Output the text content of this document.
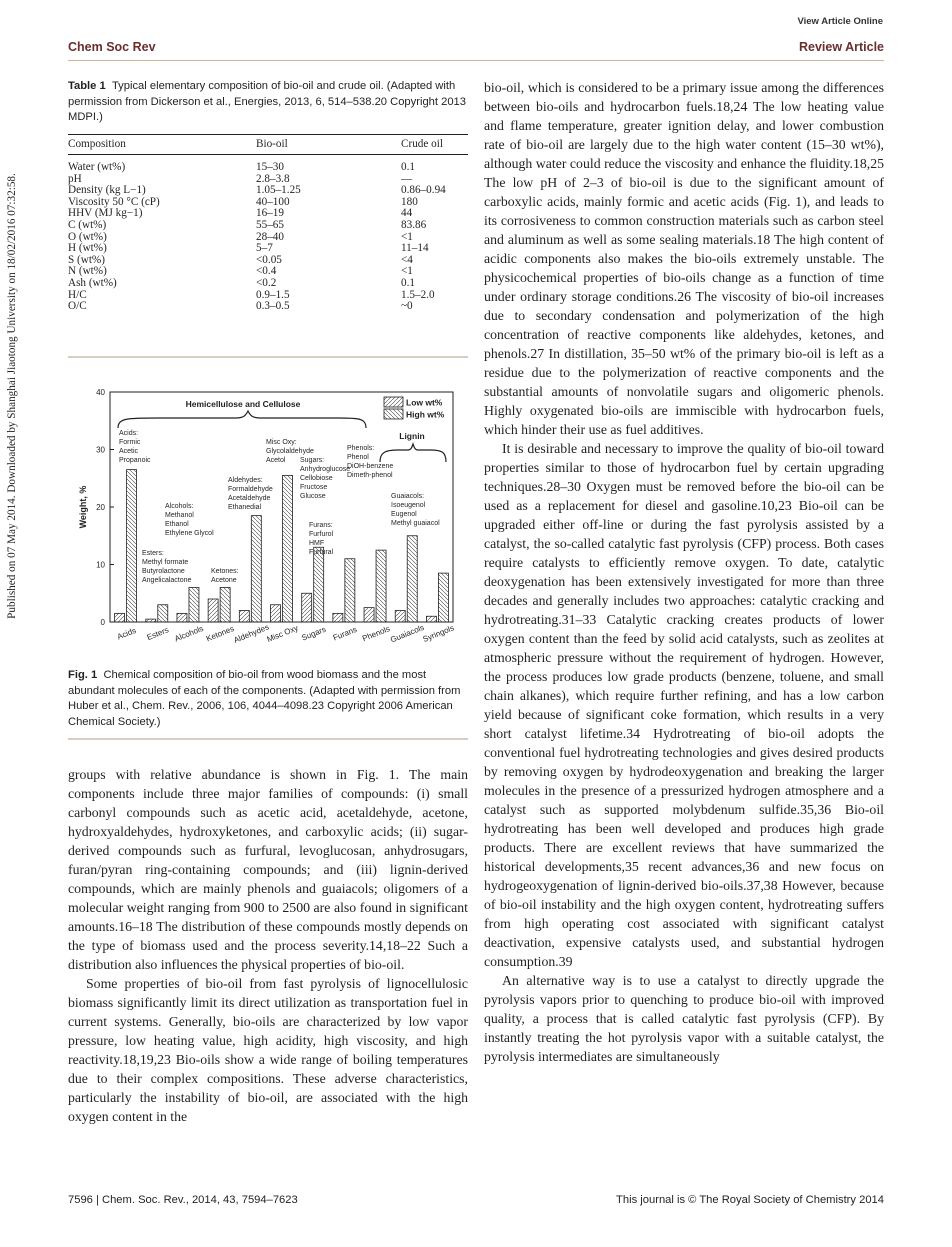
Published on 07 May 2014. Downloaded by Shanghai Jiaotong University on 18/02/2016 07:32:58.
View Article Online
Chem Soc Rev	Review Article
Table 1 Typical elementary composition of bio-oil and crude oil. (Adapted with permission from Dickerson et al., Energies, 2013, 6, 514–538.20 Copyright 2013 MDPI.)
Composition	Bio-oil	Crude oil
Water (wt%)	15–30	0.1
pH	2.8–3.8	—
Density (kg L−1)	1.05–1.25	0.86–0.94
Viscosity 50 °C (cP)	40–100	180
HHV (MJ kg−1)	16–19	44
C (wt%)	55–65	83.86
O (wt%)	28–40	<1
H (wt%)	5–7	11–14
S (wt%)	<0.05	<4
N (wt%)	<0.4	<1
Ash (wt%)	<0.2	0.1
H/C	0.9–1.5	1.5–2.0
O/C	0.3–0.5	~0
0
10
20
30
40
Weight, %
Acids Esters Alcohols Ketones
Aldehydes
Misc Oxy Sugars Furans Phenols
Guaiacols
Syringols
Low wt%
High wt%
Hemicellulose and Cellulose
Lignin
Acids:
Formic
Acetic
Propanoic
Esters:
Methyl formate
Butyrolactone
Angelicalactone
Alcohols:
Methanol
Ethanol
Ethylene Glycol
Ketones:
Acetone
Aldehydes:
Formaldehyde
Acetaldehyde
Ethanedial
Misc Oxy:
Glycolaldehyde
Acetol Sugars:
Anhydroglucose
Cellobiose
Fructose
Glucose
Furans:
Furfurol
HMF
Furfural
Phenols:
Phenol
DiOH-benzene
Dimeth-phenol
Guaiacols:
Isoeugenol
Eugenol
Methyl guaiacol
Fig. 1 Chemical composition of bio-oil from wood biomass and the most abundant molecules of each of the components. (Adapted with permission from Huber et al., Chem. Rev., 2006, 106, 4044–4098.23 Copyright 2006 American Chemical Society.)

groups with relative abundance is shown in Fig. 1. The main components include three major families of compounds: (i) small carbonyl compounds such as acetic acid, acetaldehyde, acetone, hydroxyaldehydes, hydroxyketones, and carboxylic acids; (ii) sugar-derived compounds such as furfural, levoglucosan, anhydrosugars, furan/pyran ring-containing compounds; and (iii) lignin-derived compounds, which are mainly phenols and guaiacols; oligomers of a molecular weight ranging from 900 to 2500 are also found in significant amounts.16–18 The distribution of these compounds mostly depends on the type of biomass used and the process severity.14,18–22 Such a distribution also influences the physical properties of bio-oil.

Some properties of bio-oil from fast pyrolysis of lignocellulosic biomass significantly limit its direct utilization as transportation fuel in current systems. Generally, bio-oils are characterized by low vapor pressure, low heating value, high acidity, high viscosity, and high reactivity.18,19,23 Bio-oils show a wide range of boiling temperatures due to their complex compositions. These adverse characteristics, particularly the instability of bio-oil, are associated with the high oxygen content in the

bio-oil, which is considered to be a primary issue among the differences between bio-oils and hydrocarbon fuels.18,24 The low heating value and flame temperature, greater ignition delay, and lower combustion rate of bio-oil are largely due to the high water content (15–30 wt%), although water could reduce the viscosity and enhance the fluidity.18,25 The low pH of 2–3 of bio-oil is due to the significant amount of carboxylic acids, mainly formic and acetic acids (Fig. 1), and leads to its corrosiveness to common construction materials such as carbon steel and aluminum as well as some sealing materials.18 The high content of acidic components also makes the bio-oils extremely unstable. The physicochemical properties of bio-oils change as a function of time under ordinary storage conditions.26 The viscosity of bio-oil increases due to secondary condensation and polymerization of the high concentration of reactive components like aldehydes, ketones, and phenols.27 In distillation, 35–50 wt% of the primary bio-oil is left as a residue due to the polymerization of reactive components and the substantial amounts of nonvolatile sugars and oligomeric phenols. Highly oxygenated bio-oils are immiscible with hydrocarbon fuels, which hinder their use as fuel additives.

It is desirable and necessary to improve the quality of bio-oil toward properties similar to those of hydrocarbon fuel by certain upgrading techniques.28–30 Oxygen must be removed before the bio-oil can be used as a replacement for diesel and gasoline.10,23 Bio-oil can be upgraded either off-line or during the fast pyrolysis assisted by a catalyst, the so-called catalytic fast pyrolysis (CFP) process. Both cases require catalysts to efficiently remove oxygen. To date, catalytic deoxygenation has been extensively investigated for more than three decades and generally includes two approaches: catalytic cracking and hydrotreating.31–33 Catalytic cracking creates products of lower oxygen content than the feed by solid acid catalysts, such as zeolites at atmospheric pressure without the requirement of hydrogen. However, the process produces low grade products (benzene, toluene, and small chain alkanes), which require further refining, and has a low carbon yield because of significant coke formation, which results in a very short catalyst lifetime.34 Hydrotreating of bio-oil adopts the conventional fuel hydrotreating technologies and gives desired products by removing oxygen by hydrodeoxygenation and breaking the larger molecules in the presence of a pressurized hydrogen atmosphere and a catalyst such as supported molybdenum sulfide.35,36 Bio-oil hydrotreating has been well developed and produces high grade products. There are excellent reviews that have summarized the historical developments,35 recent advances,36 and new focus on hydrogeoxygenation of lignin-derived bio-oils.37,38 However, because of bio-oil instability and the high oxygen content, hydrotreating suffers from high operating cost associated with significant catalyst deactivation, expensive catalysts used, and substantial hydrogen consumption.39

An alternative way is to use a catalyst to directly upgrade the pyrolysis vapors prior to quenching to produce bio-oil with improved quality, a process that is called catalytic fast pyrolysis (CFP). By instantly treating the hot pyrolysis vapor with a suitable catalyst, the pyrolysis intermediates are simultaneously

7596 | Chem. Soc. Rev., 2014, 43, 7594–7623	This journal is © The Royal Society of Chemistry 2014
